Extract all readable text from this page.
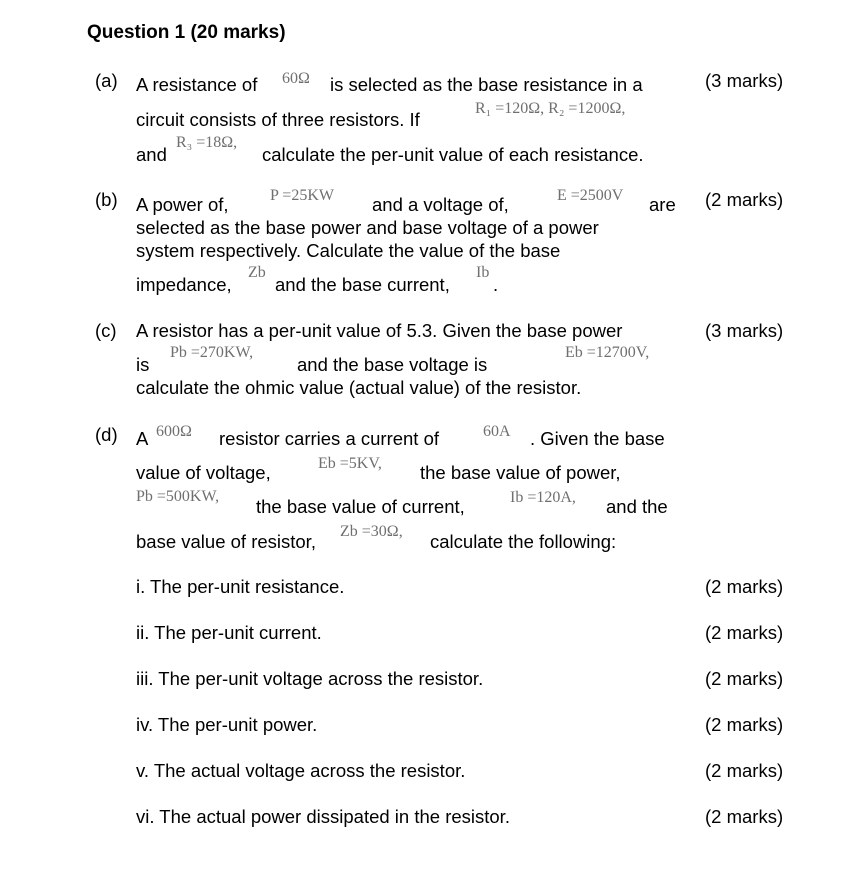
Question 1 (20 marks)
(a) A resistance of 60Ω is selected as the base resistance in a	(3 marks)
circuit consists of three resistors. If
R₁ =120Ω, R₂ =1200Ω,
and
R₃ =18Ω,
calculate the per-unit value of each resistance.
(b) A power of,	P =25KW and a voltage of,	E =2500V are (2 marks)
selected as the base power and base voltage of a power
system respectively. Calculate the value of the base
impedance,
Zb
and the base current,
Ib
.
(c) A resistor has a per-unit value of 5.3. Given the base power	(3 marks)
is
Pb =270KW,
and the base voltage is
Eb =12700V,
calculate the ohmic value (actual value) of the resistor.
(d) A 600Ω resistor carries a current of	60A . Given the base
value of voltage,	Eb =5KV, the base value of power,
Pb =500KW, the base value of current,	Ib =120A, and the
base value of resistor, Zb =30Ω, calculate the following:
i. The per-unit resistance.	(2 marks)
ii. The per-unit current.	(2 marks)
iii. The per-unit voltage across the resistor.	(2 marks)
iv. The per-unit power.	(2 marks)
v. The actual voltage across the resistor.	(2 marks)
vi. The actual power dissipated in the resistor.	(2 marks)
